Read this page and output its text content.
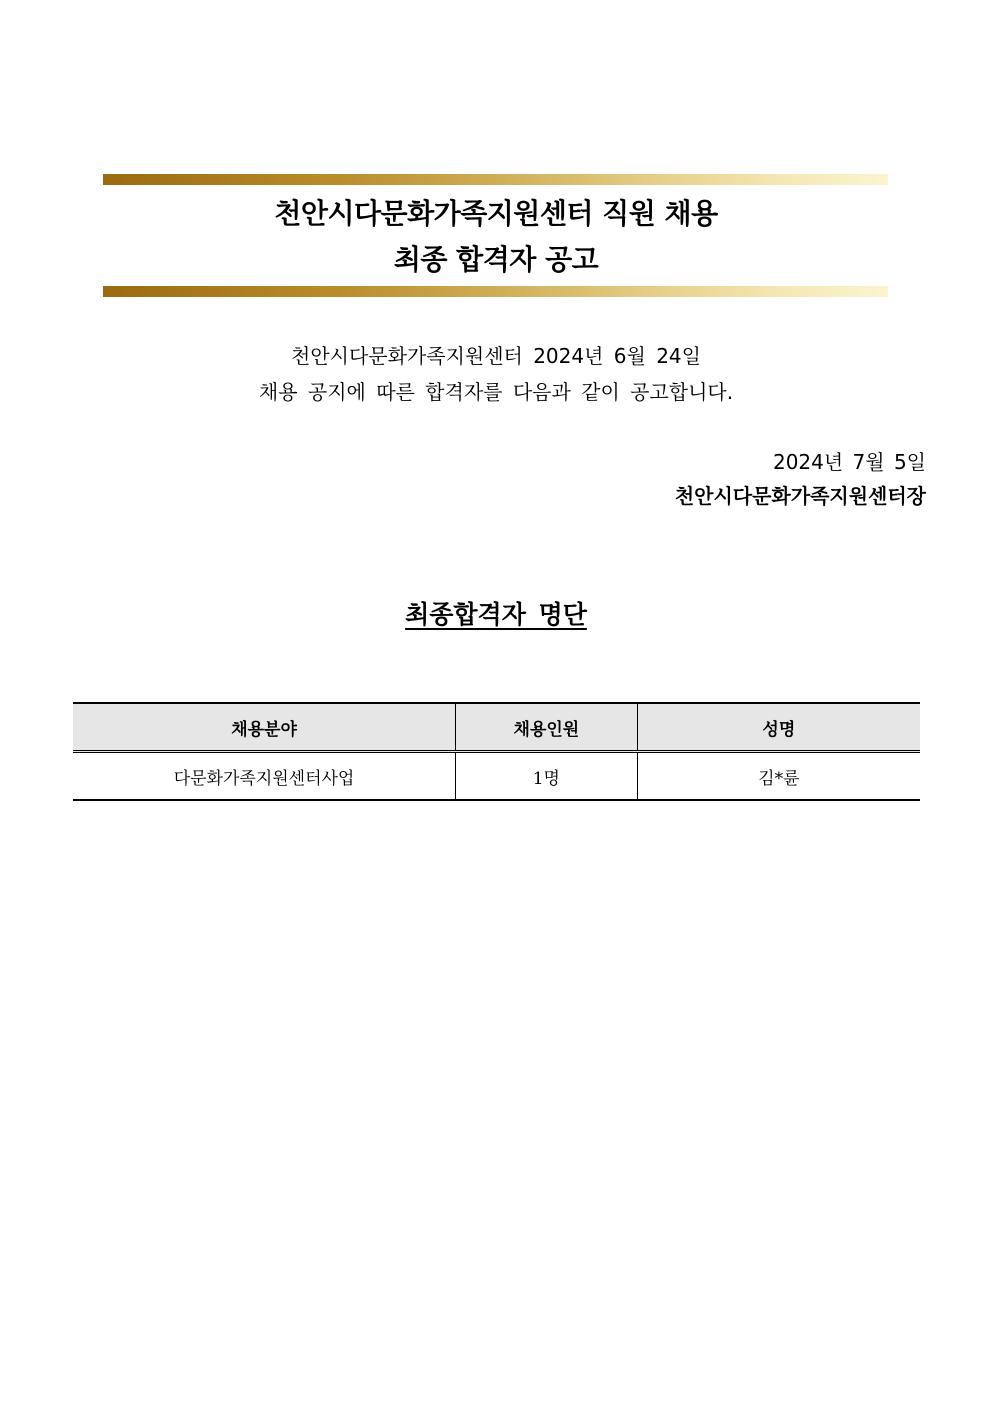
천안시다문화가족지원센터 직원 채용
최종 합격자 공고
천안시다문화가족지원센터 2024년 6월 24일
채용 공지에 따른 합격자를 다음과 같이 공고합니다.
2024년 7월 5일
천안시다문화가족지원센터장
최종합격자 명단
채용분야	채용인원	성명
다문화가족지원센터사업	1명	김*륜
